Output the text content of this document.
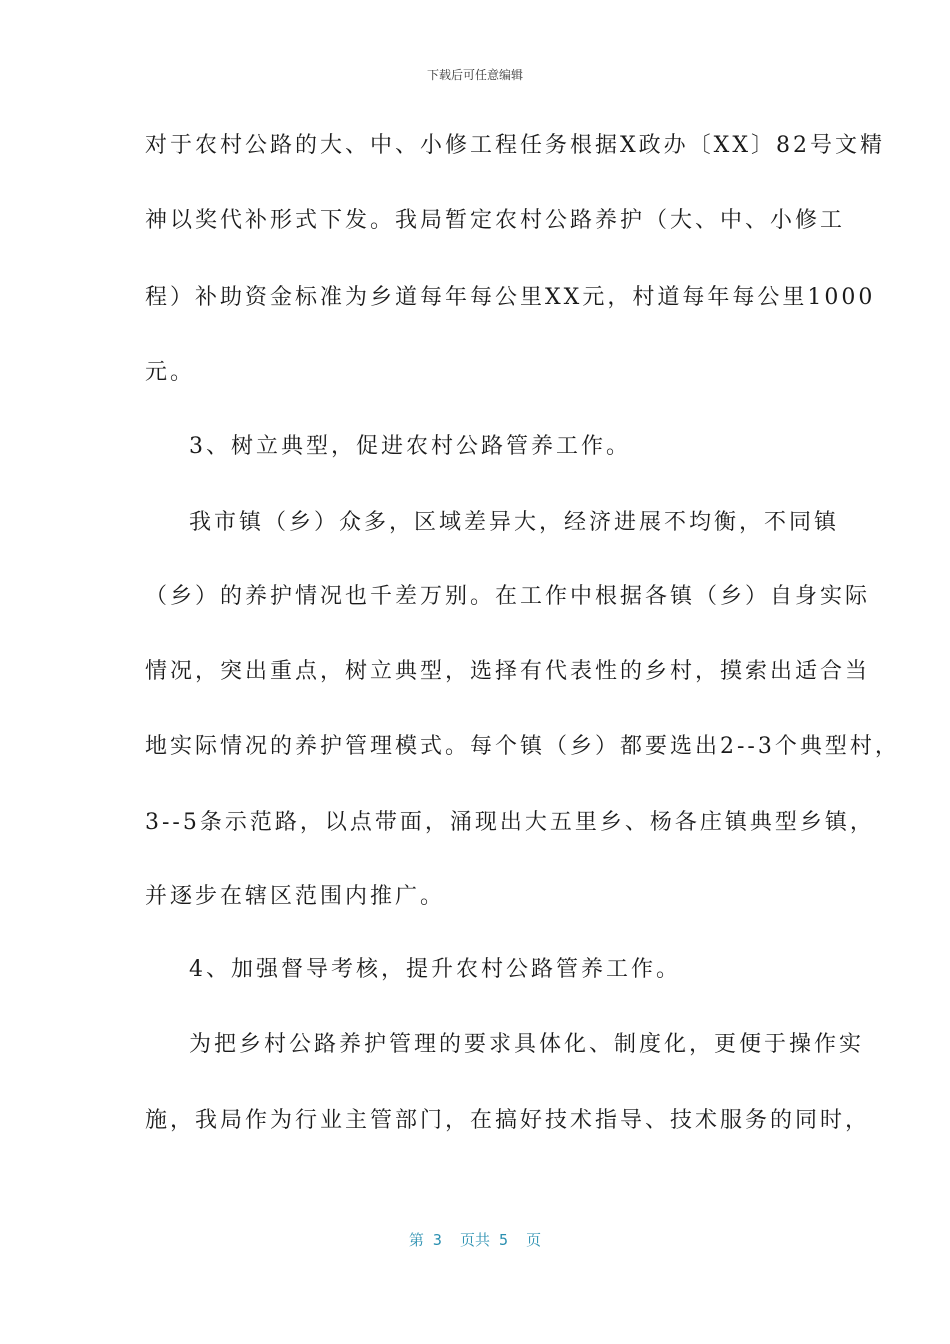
下载后可任意编辑
对于农村公路的大、中、小修工程任务根据X政办〔XX〕82号文精
神以奖代补形式下发。我局暂定农村公路养护（大、中、小修工
程）补助资金标准为乡道每年每公里XX元，村道每年每公里1000
元。
3、树立典型，促进农村公路管养工作。
我市镇（乡）众多，区域差异大，经济进展不均衡，不同镇
（乡）的养护情况也千差万别。在工作中根据各镇（乡）自身实际
情况，突出重点，树立典型，选择有代表性的乡村，摸索出适合当
地实际情况的养护管理模式。每个镇（乡）都要选出2--3个典型村，
3--5条示范路，以点带面，涌现出大五里乡、杨各庄镇典型乡镇，
并逐步在辖区范围内推广。
4、加强督导考核，提升农村公路管养工作。
为把乡村公路养护管理的要求具体化、制度化，更便于操作实
施，我局作为行业主管部门，在搞好技术指导、技术服务的同时，
第 3  页共 5  页
